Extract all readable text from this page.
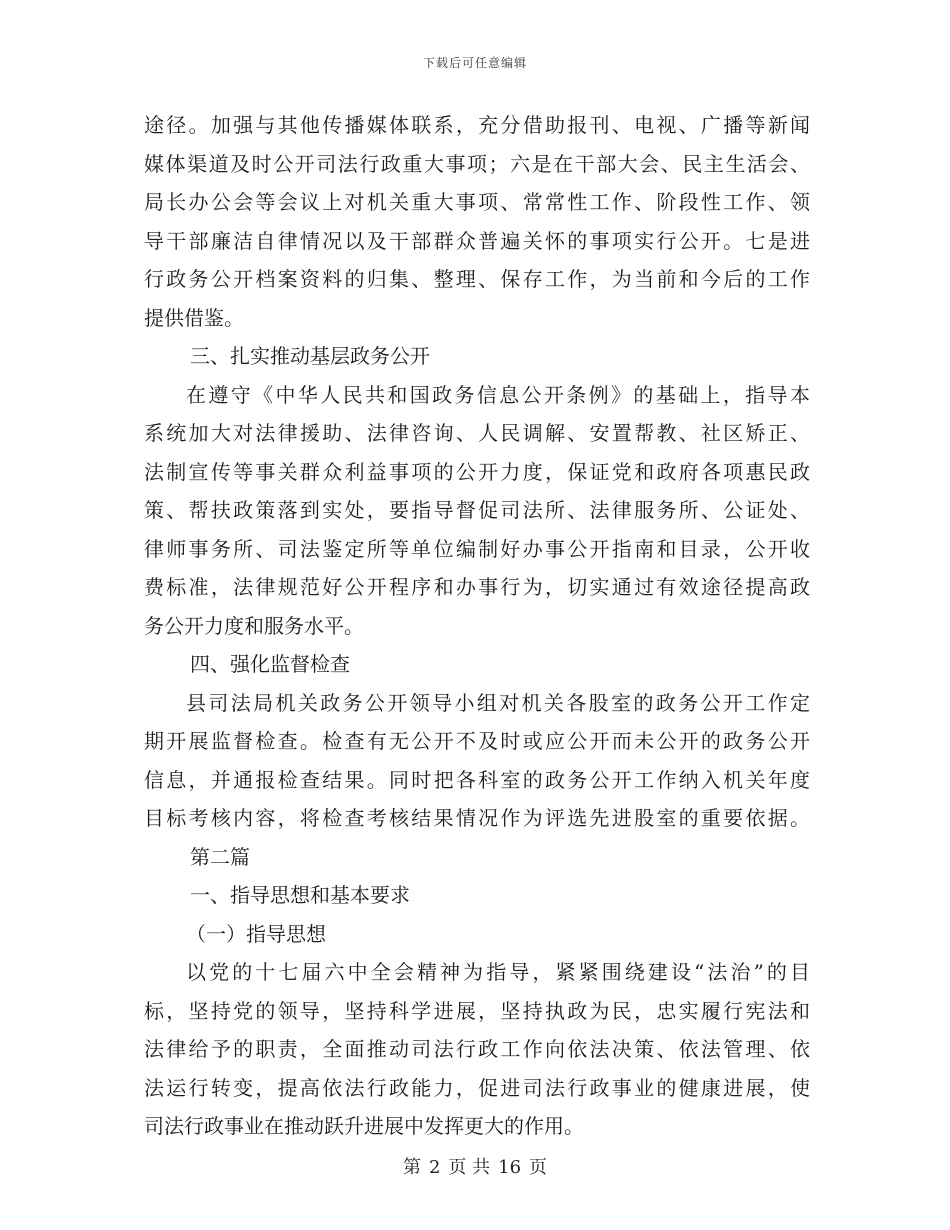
下载后可任意编辑
途径。加强与其他传播媒体联系，充分借助报刊、电视、广播等新闻
媒体渠道及时公开司法行政重大事项；六是在干部大会、民主生活会、
局长办公会等会议上对机关重大事项、常常性工作、阶段性工作、领
导干部廉洁自律情况以及干部群众普遍关怀的事项实行公开。七是进
行政务公开档案资料的归集、整理、保存工作，为当前和今后的工作
提供借鉴。
三、扎实推动基层政务公开
在遵守《中华人民共和国政务信息公开条例》的基础上，指导本
系统加大对法律援助、法律咨询、人民调解、安置帮教、社区矫正、
法制宣传等事关群众利益事项的公开力度，保证党和政府各项惠民政
策、帮扶政策落到实处，要指导督促司法所、法律服务所、公证处、
律师事务所、司法鉴定所等单位编制好办事公开指南和目录，公开收
费标准，法律规范好公开程序和办事行为，切实通过有效途径提高政
务公开力度和服务水平。
四、强化监督检查
县司法局机关政务公开领导小组对机关各股室的政务公开工作定
期开展监督检查。检查有无公开不及时或应公开而未公开的政务公开
信息，并通报检查结果。同时把各科室的政务公开工作纳入机关年度
目标考核内容，将检查考核结果情况作为评选先进股室的重要依据。
第二篇
一、指导思想和基本要求
（一）指导思想
以党的十七届六中全会精神为指导，紧紧围绕建设“法治”的目
标，坚持党的领导，坚持科学进展，坚持执政为民，忠实履行宪法和
法律给予的职责，全面推动司法行政工作向依法决策、依法管理、依
法运行转变，提高依法行政能力，促进司法行政事业的健康进展，使
司法行政事业在推动跃升进展中发挥更大的作用。
第 2 页 共 16 页
